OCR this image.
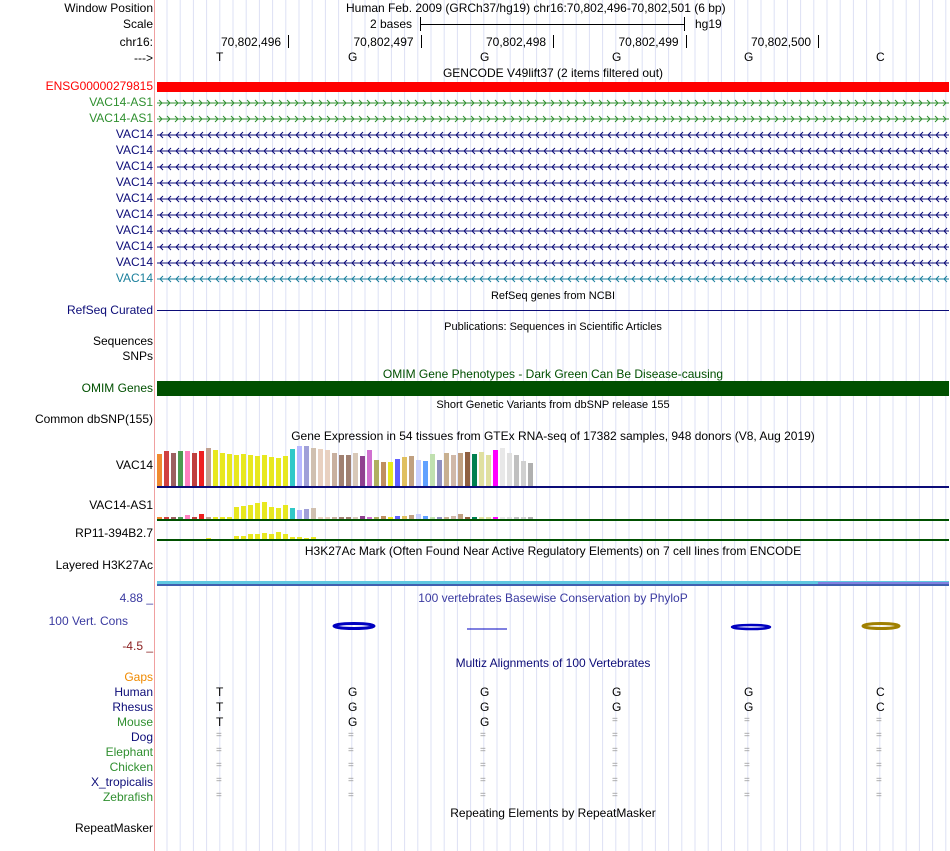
Window Position
Scale
chr16:
--->
Human Feb. 2009 (GRCh37/hg19) chr16:70,802,496-70,802,501 (6 bp)
2 bases	hg19
70,802,496	70,802,497	70,802,498	70,802,499	70,802,500
T	G	G	G	G	C
GENCODE V49lift37 (2 items filtered out)
ENSG00000279815
VAC14-AS1
VAC14-AS1
VAC14
VAC14
VAC14
VAC14
VAC14
VAC14
VAC14
VAC14
VAC14
VAC14
RefSeq genes from NCBI
RefSeq Curated
Publications: Sequences in Scientific Articles
Sequences
SNPs
OMIM Gene Phenotypes - Dark Green Can Be Disease-causing
OMIM Genes
Short Genetic Variants from dbSNP release 155
Common dbSNP(155)
Gene Expression in 54 tissues from GTEx RNA-seq of 17382 samples, 948 donors (V8, Aug 2019)
VAC14
VAC14-AS1
RP11-394B2.7
H3K27Ac Mark (Often Found Near Active Regulatory Elements) on 7 cell lines from ENCODE
Layered H3K27Ac
100 vertebrates Basewise Conservation by PhyloP
4.88 _
100 Vert. Cons
-4.5 _
Multiz Alignments of 100 Vertebrates
Gaps
Human	T	G	G	G	G	C
Rhesus	T	G	G	G	G	C
Mouse	T	G	G	=	=	=
Dog	=	=	=	=	=	=
Elephant	=	=	=	=	=	=
Chicken	=	=	=	=	=	=
X_tropicalis	=	=	=	=	=	=
Zebrafish	=	=	=	=	=	=
Repeating Elements by RepeatMasker
RepeatMasker
